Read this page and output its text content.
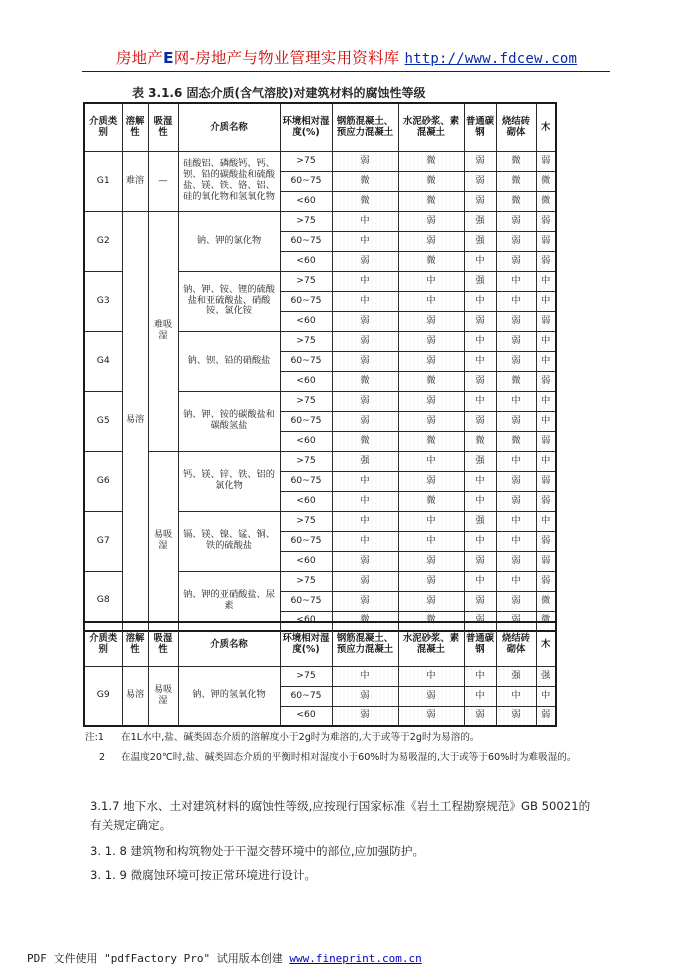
房地产E网-房地产与物业管理实用资料库 http://www.fdcew.com
表 3.1.6 固态介质(含气溶胶)对建筑材料的腐蚀性等级
介质类别	溶解性	吸湿性	介质名称	环境相对湿度(%)	钢筋混凝土、预应力混凝土	水泥砂浆、素混凝土	普通碳钢	烧结砖砌体	木
G1	难溶	—	硅酸铝、磷酸钙、钙、钡、铅的碳酸盐和硫酸盐、镁、铁、铬、铝、硅的氧化物和氢氧化物	>75	弱	微	弱	微	弱
				60~75	微	微	弱	微	微
				<60	微	微	弱	微	微
G2	易溶	难吸湿	钠、钾的氯化物	>75	中	弱	强	弱	弱
				60~75	中	弱	强	弱	弱
				<60	弱	微	中	弱	弱
G3			钠、钾、铵、锂的硫酸盐和亚硫酸盐、硝酸铵、氯化铵	>75	中	中	强	中	中
				60~75	中	中	中	中	中
				<60	弱	弱	弱	弱	弱
G4			钠、钡、铅的硝酸盐	>75	弱	弱	中	弱	中
				60~75	弱	弱	中	弱	中
				<60	微	微	弱	微	弱
G5			钠、钾、铵的碳酸盐和碳酸氢盐	>75	弱	弱	中	中	中
				60~75	弱	弱	弱	弱	中
				<60	微	微	微	微	弱
G6		易吸湿	钙、镁、锌、铁、铝的氯化物	>75	强	中	强	中	中
				60~75	中	弱	中	弱	弱
				<60	中	微	中	弱	弱
G7			镉、镁、镍、锰、铜、铁的硫酸盐	>75	中	中	强	中	中
				60~75	中	中	中	中	弱
				<60	弱	弱	弱	弱	弱
G8			钠、钾的亚硝酸盐、尿素	>75	弱	弱	中	中	弱
				60~75	弱	弱	弱	弱	微
				<60	微	微	弱	弱	微
介质类别	溶解性	吸湿性	介质名称	环境相对湿度(%)	钢筋混凝土、预应力混凝土	水泥砂浆、素混凝土	普通碳钢	烧结砖砌体	木
G9	易溶	易吸湿	钠、钾的氢氧化物	>75	中	中	中	强	强
				60~75	弱	弱	中	中	中
				<60	弱	弱	弱	弱	弱
注:1	在1L水中,盐、碱类固态介质的溶解度小于2g时为难溶的,大于或等于2g时为易溶的。
2	在温度20℃时,盐、碱类固态介质的平衡时相对湿度小于60%时为易吸湿的,大于或等于60%时为难吸湿的。
3.1.7 地下水、土对建筑材料的腐蚀性等级,应按现行国家标准《岩土工程勘察规范》GB 50021的有关规定确定。
3. 1. 8 建筑物和构筑物处于干湿交替环境中的部位,应加强防护。
3. 1. 9 微腐蚀环境可按正常环境进行设计。
PDF 文件使用 "pdfFactory Pro" 试用版本创建 www.fineprint.com.cn
